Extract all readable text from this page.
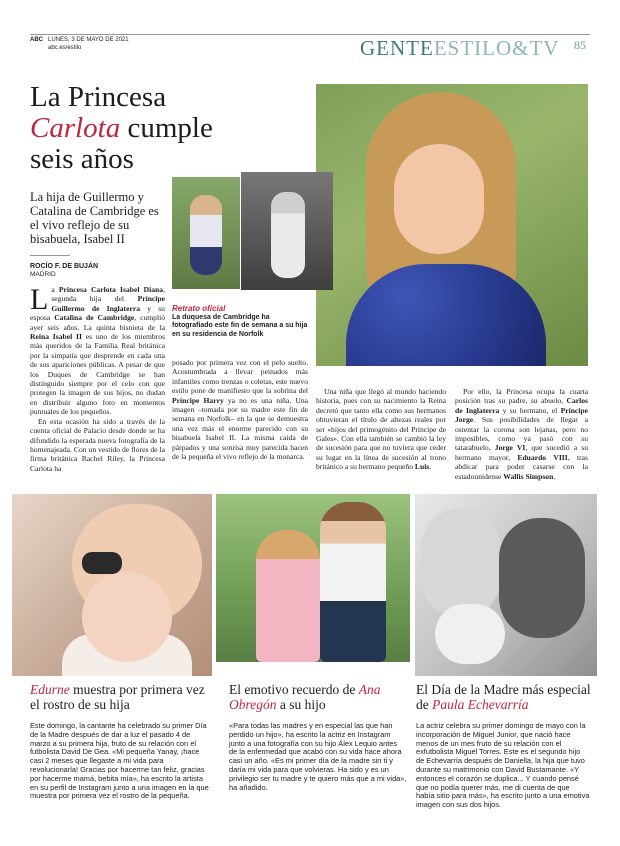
ABC LUNES, 3 DE MAYO DE 2021
abc.es/estilo	GENTEESTILO&TV 85
La Princesa
Carlota cumple
seis años
La hija de Guillermo y Catalina de Cambridge es el vivo reflejo de su bisabuela, Isabel II
ROCÍO F. DE BUJÁN
MADRID
Retrato oficial
La duquesa de Cambridge ha fotografiado este fin de semana a su hija en su residencia de Norfolk

La Princesa Carlota Isabel Diana, segunda hija del Príncipe Guillermo de Inglaterra y su esposa Catalina de Cambridge, cumplió ayer seis años. La quinta bisnieta de la Reina Isabel II es uno de los miembros más queridos de la Familia Real británica por la simpatía que desprende en cada una de sus apariciones públicas. A pesar de que los Duques de Cambridge se han distinguido siempre por el celo con que protegen la imagen de sus hijos, no dudan en distribuir alguno foto en momentos puntuales de los pequeños.

En esta ocasión ha sido a través de la cuenta oficial de Palacio desde donde se ha difundido la esperada nueva fotografía de la homenajeada. Con un vestido de flores de la firma británica Rachel Riley, la Princesa Carlota ha

posado por primera vez con el pelo suelto. Acostumbrada a llevar peinados más infantiles como trenzas o coletas, este nuevo estilo pone de manifiesto que la sobrina del Príncipe Harry ya no es una niña. Una imagen –tomada por su madre este fin de semana en Norfolk– en la que se demuestra una vez más el enorme parecido con su bisabuela Isabel II. La misma caída de párpados y una sonrisa muy parecida hacen de la pequeña el vivo reflejo de la monarca.

Una niña que llegó al mundo haciendo historia, pues con su nacimiento la Reina decretó que tanto ella como sus hermanos obtuvieran el título de altezas reales por ser «hijos del primogénito del Príncipe de Gales». Con ella también se cambió la ley de sucesión para que no tuviera que ceder su lugar en la línea de sucesión al trono británico a su hermano pequeño Luis.

Por ello, la Princesa ocupa la cuarta posición tras su padre, su abuelo, Carlos de Inglaterra y su hermano, el Príncipe Jorge. Sus posibilidades de llegar a ostentar la corona son lejanas, pero no imposibles, como ya pasó con su tatarabuelo, Jorge VI, que sucedió a su hermano mayor, Eduardo VIII, tras abdicar para poder casarse con la estadounidense Wallis Simpson.

Edurne muestra por primera vez el rostro de su hija
El emotivo recuerdo de Ana Obregón a su hijo
El Día de la Madre más especial de Paula Echevarría
Este domingo, la cantante ha celebrado su primer Día de la Madre después de dar a luz el pasado 4 de marzo a su primera hija, fruto de su relación con el futbolista David De Gea. «Mi pequeña Yanay, ¡hace casi 2 meses que llegaste a mi vida para revolucionarla! Gracias por hacerme tan feliz, gracias por hacerme mamá, bebita mía», ha escrito la artista en su perfil de Instagram junto a una imagen en la que muestra por primera vez el rostro de la pequeña.
«Para todas las madres y en especial las que han perdido un hijo», ha escrito la actriz en Instagram junto a una fotografía con su hijo Álex Lequio antes de la enfermedad que acabó con su vida hace ahora casi un año. «Es mi primer día de la madre sin ti y daría mi vida para que volvieras. Ha sido y es un privilegio ser tu madre y te quiero más que a mi vida», ha añadido.
La actriz celebra su primer domingo de mayo con la incorporación de Miguel Junior, que nació hace menos de un mes fruto de su relación con el exfutbolista Miguel Torres. Este es el segundo hijo de Echevarría después de Daniella, la hija que tuvo durante su matrimonio con David Bustamante. «Y entonces el corazón se duplica... Y cuando pensé que no podía querer más, me di cuenta de que había sitio para más», ha escrito junto a una emotiva imagen con sus dos hijos.
